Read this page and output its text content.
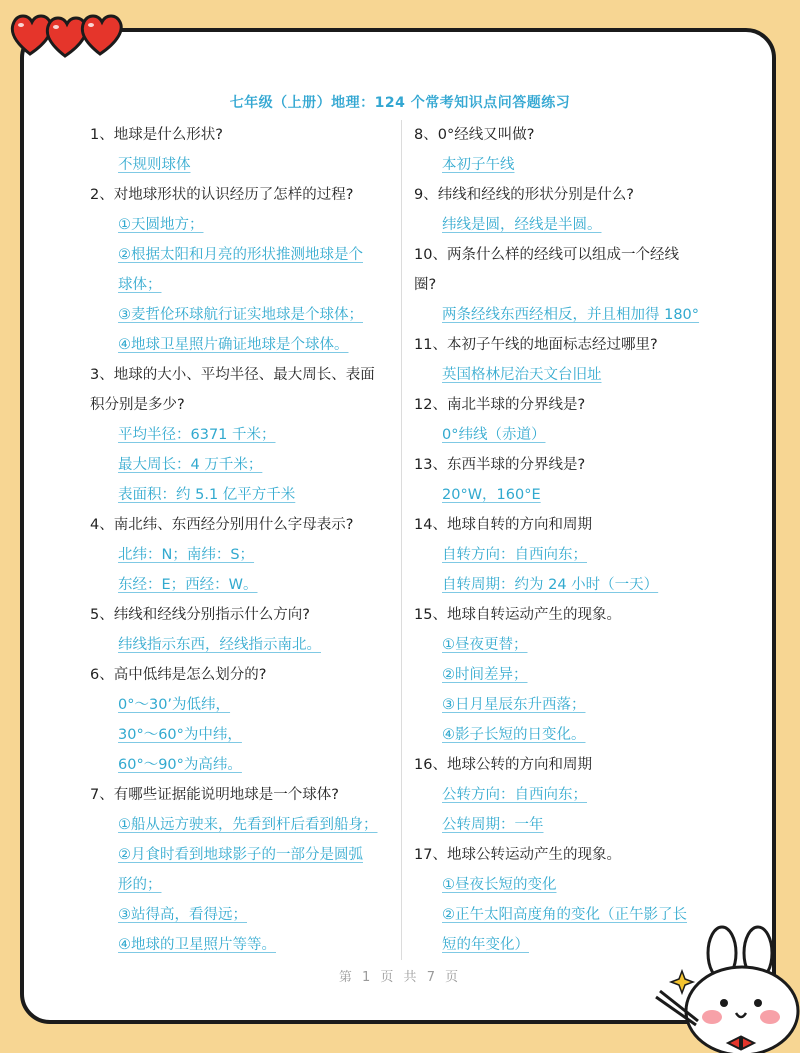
七年级（上册）地理：124 个常考知识点问答题练习
1、地球是什么形状?
不规则球体
2、对地球形状的认识经历了怎样的过程?
①天圆地方；
②根据太阳和月亮的形状推测地球是个
球体；
③麦哲伦环球航行证实地球是个球体；
④地球卫星照片确证地球是个球体。
3、地球的大小、平均半径、最大周长、表面
积分别是多少?
平均半径：6371 千米；
最大周长：4 万千米；
表面积：约 5.1 亿平方千米
4、南北纬、东西经分别用什么字母表示?
北纬：N；南纬：S；
东经：E；西经：W。
5、纬线和经线分别指示什么方向?
纬线指示东西，经线指示南北。
6、高中低纬是怎么划分的?
0°～30’为低纬，
30°～60°为中纬，
60°～90°为高纬。
7、有哪些证据能说明地球是一个球体?
①船从远方驶来，先看到杆后看到船身；
②月食时看到地球影子的一部分是圆弧
形的；
③站得高，看得远；
④地球的卫星照片等等。
8、0°经线又叫做?
本初子午线
9、纬线和经线的形状分别是什么?
纬线是圆，经线是半圆。
10、两条什么样的经线可以组成一个经线
圈?
两条经线东西经相反，并且相加得 180°
11、本初子午线的地面标志经过哪里?
英国格林尼治天文台旧址
12、南北半球的分界线是?
0°纬线（赤道）
13、东西半球的分界线是?
20°W，160°E
14、地球自转的方向和周期
自转方向：自西向东；
自转周期：约为 24 小时（一天）
15、地球自转运动产生的现象。
①昼夜更替；
②时间差异；
③日月星辰东升西落；
④影子长短的日变化。
16、地球公转的方向和周期
公转方向：自西向东；
公转周期：一年
17、地球公转运动产生的现象。
①昼夜长短的变化
②正午太阳高度角的变化（正午影了长
短的年变化）
第 1 页 共 7 页
